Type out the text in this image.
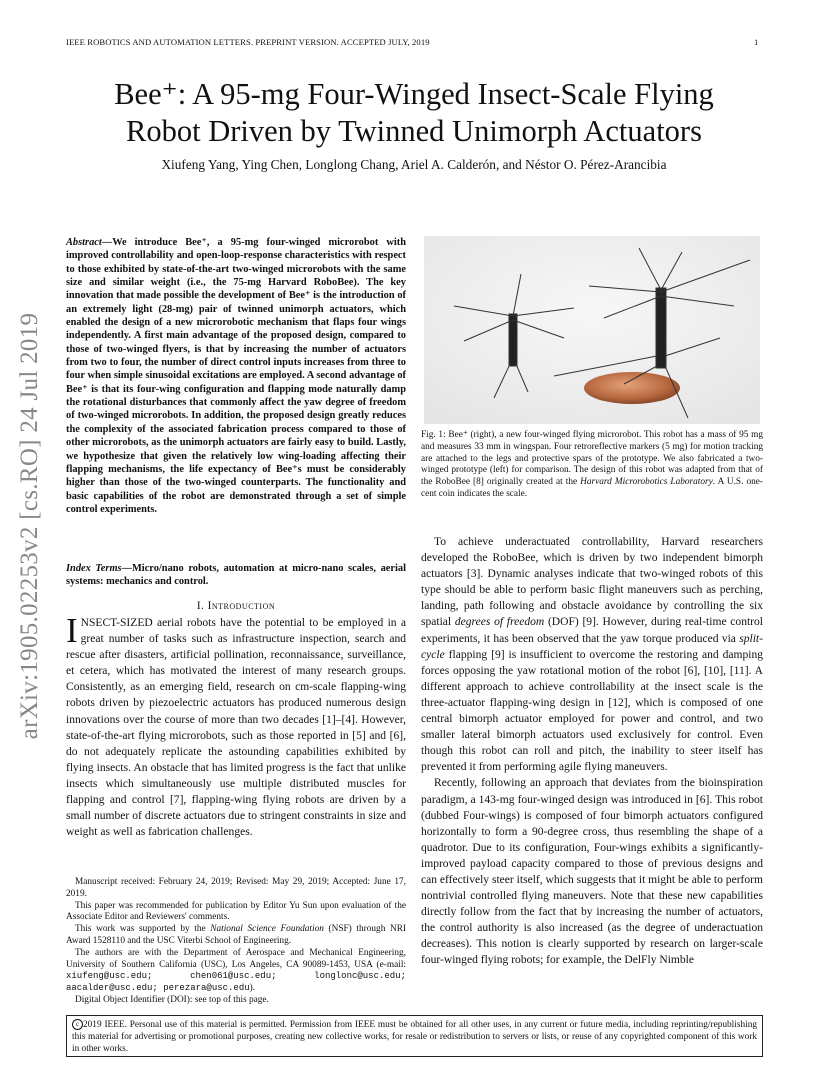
IEEE ROBOTICS AND AUTOMATION LETTERS. PREPRINT VERSION. ACCEPTED JULY, 2019	1
Bee⁺: A 95-mg Four-Winged Insect-Scale Flying
Robot Driven by Twinned Unimorph Actuators
Xiufeng Yang, Ying Chen, Longlong Chang, Ariel A. Calderón, and Néstor O. Pérez-Arancibia
arXiv:1905.02253v2 [cs.RO] 24 Jul 2019
Abstract—We introduce Bee⁺, a 95-mg four-winged microrobot with improved controllability and open-loop-response characteristics with respect to those exhibited by state-of-the-art two-winged microrobots with the same size and similar weight (i.e., the 75-mg Harvard RoboBee). The key innovation that made possible the development of Bee⁺ is the introduction of an extremely light (28-mg) pair of twinned unimorph actuators, which enabled the design of a new microrobotic mechanism that flaps four wings independently. A first main advantage of the proposed design, compared to those of two-winged flyers, is that by increasing the number of actuators from two to four, the number of direct control inputs increases from three to four when simple sinusoidal excitations are employed. A second advantage of Bee⁺ is that its four-wing configuration and flapping mode naturally damp the rotational disturbances that commonly affect the yaw degree of freedom of two-winged microrobots. In addition, the proposed design greatly reduces the complexity of the associated fabrication process compared to those of other microrobots, as the unimorph actuators are fairly easy to build. Lastly, we hypothesize that given the relatively low wing-loading affecting their flapping mechanisms, the life expectancy of Bee⁺s must be considerably higher than those of the two-winged counterparts. The functionality and basic capabilities of the robot are demonstrated through a set of simple control experiments.
Index Terms—Micro/nano robots, automation at micro-nano scales, aerial systems: mechanics and control.
I. Introduction

INSECT-SIZED aerial robots have the potential to be employed in a great number of tasks such as infrastructure inspection, search and rescue after disasters, artificial pollination, reconnaissance, surveillance, et cetera, which has motivated the interest of many research groups. Consistently, as an emerging field, research on cm-scale flapping-wing robots driven by piezoelectric actuators has produced numerous design innovations over the course of more than two decades [1]–[4]. However, state-of-the-art flying microrobots, such as those reported in [5] and [6], do not adequately replicate the astounding capabilities exhibited by flying insects. An obstacle that has limited progress is the fact that unlike insects which simultaneously use multiple distributed muscles for flapping and control [7], flapping-wing flying robots are driven by a small number of discrete actuators due to stringent constraints in size and weight as well as fabrication challenges.

Manuscript received: February 24, 2019; Revised: May 29, 2019; Accepted: June 17, 2019.

This paper was recommended for publication by Editor Yu Sun upon evaluation of the Associate Editor and Reviewers' comments.

This work was supported by the National Science Foundation (NSF) through NRI Award 1528110 and the USC Viterbi School of Engineering.

The authors are with the Department of Aerospace and Mechanical Engineering, University of Southern California (USC), Los Angeles, CA 90089-1453, USA (e-mail: xiufeng@usc.edu; chen061@usc.edu; longlonc@usc.edu; aacalder@usc.edu; perezara@usc.edu).

Digital Object Identifier (DOI): see top of this page.

Fig. 1: Bee⁺ (right), a new four-winged flying microrobot. This robot has a mass of 95 mg and measures 33 mm in wingspan. Four retroreflective markers (5 mg) for motion tracking are attached to the legs and protective spars of the prototype. We also fabricated a two-winged prototype (left) for comparison. The design of this robot was adapted from that of the RoboBee [8] originally created at the Harvard Microrobotics Laboratory. A U.S. one-cent coin indicates the scale.

To achieve underactuated controllability, Harvard researchers developed the RoboBee, which is driven by two independent bimorph actuators [3]. Dynamic analyses indicate that two-winged robots of this type should be able to perform basic flight maneuvers such as perching, landing, path following and obstacle avoidance by controlling the six spatial degrees of freedom (DOF) [9]. However, during real-time control experiments, it has been observed that the yaw torque produced via split-cycle flapping [9] is insufficient to overcome the restoring and damping forces opposing the yaw rotational motion of the robot [6], [10], [11]. A different approach to achieve controllability at the insect scale is the three-actuator flapping-wing design in [12], which is composed of one central bimorph actuator employed for power and control, and two smaller lateral bimorph actuators used exclusively for control. Even though this robot can roll and pitch, the inability to steer itself has prevented it from performing agile flying maneuvers.

Recently, following an approach that deviates from the bioinspiration paradigm, a 143-mg four-winged design was introduced in [6]. This robot (dubbed Four-wings) is composed of four bimorph actuators configured horizontally to form a 90-degree cross, thus resembling the shape of a quadrotor. Due to its configuration, Four-wings exhibits a significantly-improved payload capacity compared to those of previous designs and can effectively steer itself, which suggests that it might be able to perform nontrivial controlled flying maneuvers. Note that these new capabilities directly follow from the fact that by increasing the number of actuators, the control authority is also increased (as the degree of underactuation decreases). This notion is clearly supported by research on larger-scale four-winged flying robots; for example, the DelFly Nimble

c 2019 IEEE. Personal use of this material is permitted. Permission from IEEE must be obtained for all other uses, in any current or future media, including reprinting/republishing this material for advertising or promotional purposes, creating new collective works, for resale or redistribution to servers or lists, or reuse of any copyrighted component of this work in other works.
